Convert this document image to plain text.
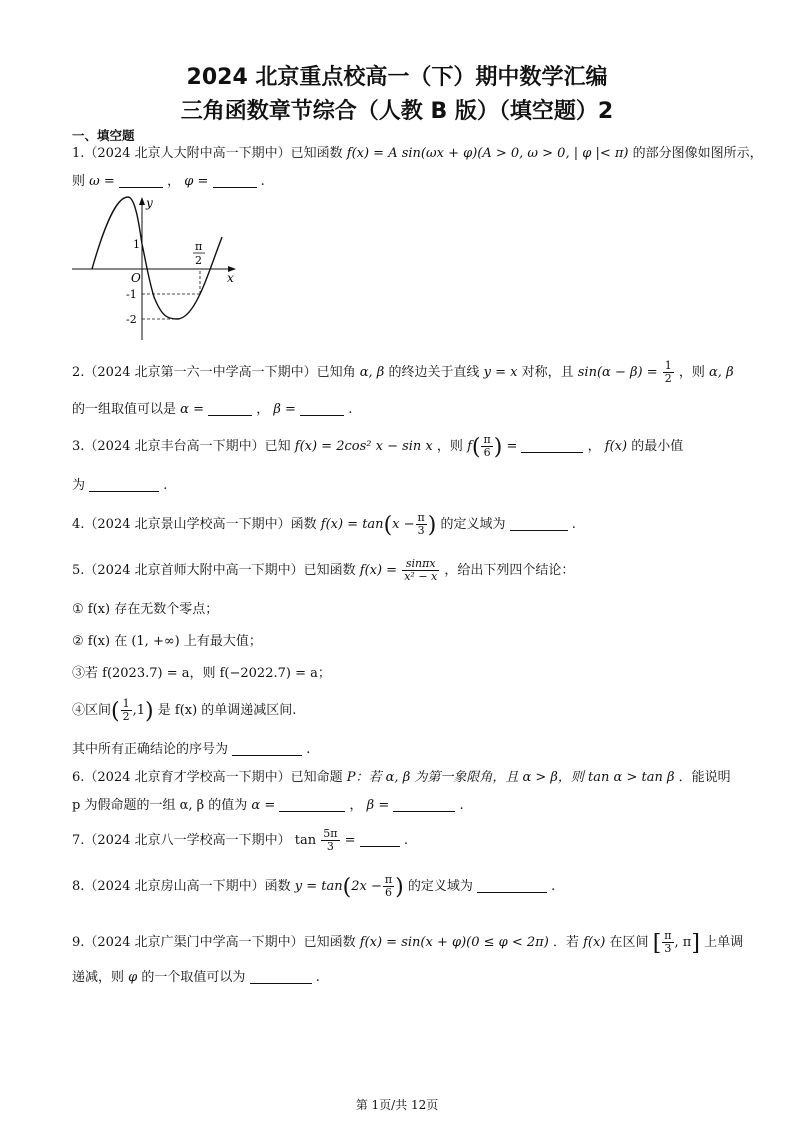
2024 北京重点校高一（下）期中数学汇编
三角函数章节综合（人教 B 版）（填空题）2
一、填空题
1.（2024 北京人大附中高一下期中）已知函数 f(x) = A sin(ωx + φ)(A > 0, ω > 0, | φ |< π) 的部分图像如图所示，
则 ω =	， φ =	.
y
x
O
1
-1
-2
π
2
2.（2024 北京第一六一中学高一下期中）已知角 α, β 的终边关于直线 y = x 对称，且 $\sin(\alpha - \beta) = \frac{1}{2}$ ，则 α, β
的一组取值可以是 α =	， β =	.
3.（2024 北京丰台高一下期中）已知 f(x) = 2cos² x − sin x ，则 $f( \frac{\pi}{6}$ ) =	， f(x) 的最小值
为	.
4.（2024 北京景山学校高一下期中）函数 $f(x) = \tan(x - \frac{\pi}{3}$ ) 的定义域为	.
5.（2024 北京首师大附中高一下期中）已知函数 $f(x) = \frac{\sin\pi x}{\text{x² − x}}$ ，给出下列四个结论：
① f(x) 存在无数个零点；
② f(x) 在 (1, +∞) 上有最大值；
③若 f(2023.7) = a，则 f(−2022.7) = a；
④区间( $\frac{1}{2} ,1$) 是 f(x) 的单调递减区间.
其中所有正确结论的序号为	.
6.（2024 北京育才学校高一下期中）已知命题 P：若 α, β 为第一象限角，且 α > β，则 tan α > tan β ．能说明
p 为假命题的一组 α, β 的值为 α =	， β =	.
7.（2024 北京八一学校高一下期中） $\tan \frac{5\pi}{3}$ =	.
8.（2024 北京房山高一下期中）函数 $y = \tan(2x - \frac{\pi}{6}$ ) 的定义域为	.
9.（2024 北京广渠门中学高一下期中）已知函数 f(x) = sin(x + φ)(0 ≤ φ < 2π) ．若 f(x) 在区间 [ $\frac{\pi}{3}$ , π] 上单调
递减，则 φ 的一个取值可以为	.
第 1页/共 12页
